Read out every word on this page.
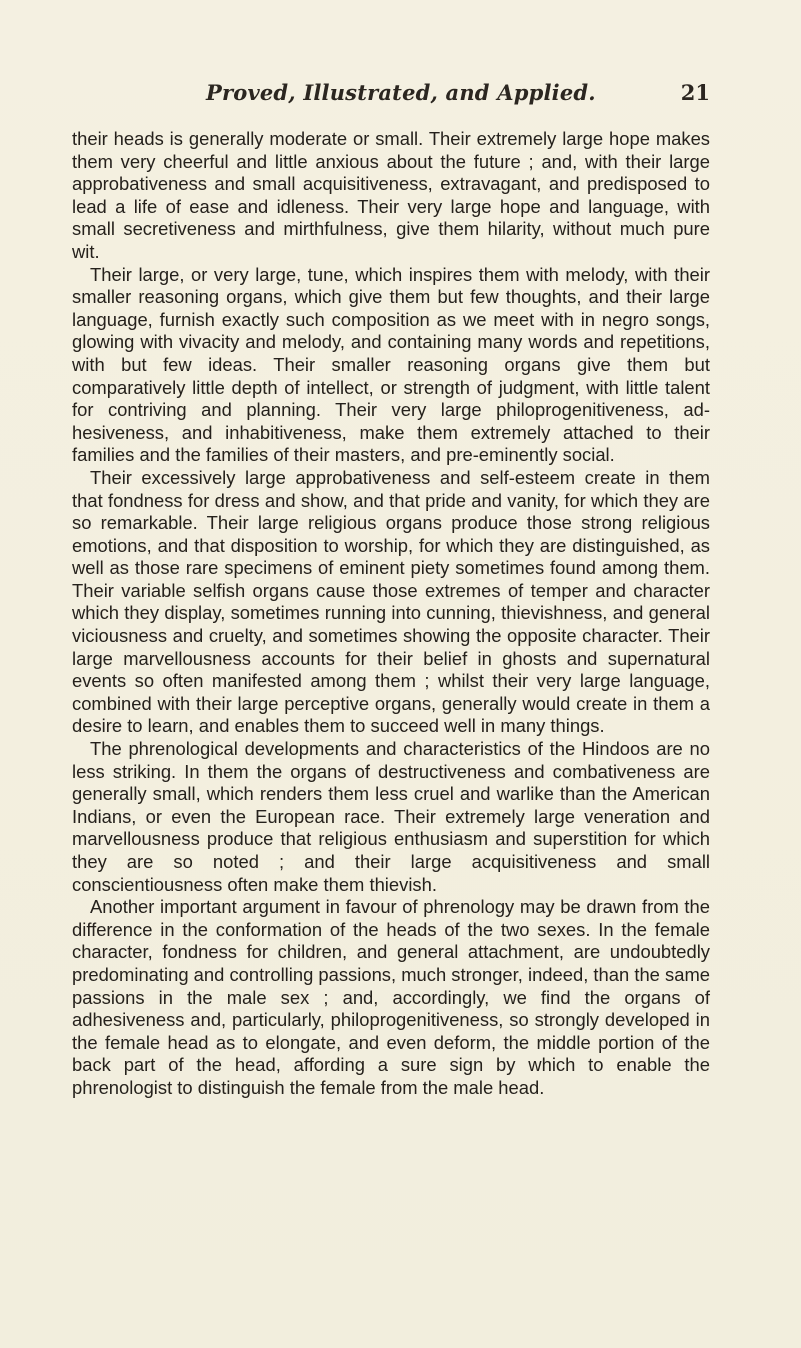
Proved, Illustrated, and Applied.	21

their heads is generally moderate or small. Their extremely large hope makes them very cheerful and little anxious about the future ; and, with their large approbativeness and small acquisitiveness, extravagant, and predisposed to lead a life of ease and idleness. Their very large hope and language, with small secretiveness and mirthfulness, give them hilarity, without much pure wit.

Their large, or very large, tune, which inspires them with melody, with their smaller reasoning organs, which give them but few thoughts, and their large language, furnish exactly such composition as we meet with in negro songs, glowing with vivacity and melody, and containing many words and repetitions, with but few ideas. Their smaller reasoning organs give them but comparatively little depth of intellect, or strength of judgment, with little talent for contriving and planning. Their very large philoprogenitiveness, adhesiveness, and inhabitiveness, make them extremely attached to their families and the families of their masters, and pre-eminently social.

Their excessively large approbativeness and self-esteem create in them that fondness for dress and show, and that pride and vanity, for which they are so remarkable. Their large religious organs produce those strong religious emotions, and that disposition to worship, for which they are distinguished, as well as those rare specimens of eminent piety sometimes found among them. Their variable selfish organs cause those extremes of temper and character which they display, sometimes running into cunning, thievishness, and general viciousness and cruelty, and sometimes showing the opposite character. Their large marvellousness accounts for their belief in ghosts and supernatural events so often manifested among them ; whilst their very large language, combined with their large perceptive organs, generally would create in them a desire to learn, and enables them to succeed well in many things.

The phrenological developments and characteristics of the Hindoos are no less striking. In them the organs of destructiveness and combativeness are generally small, which renders them less cruel and warlike than the American Indians, or even the European race. Their extremely large veneration and marvellousness produce that religious enthusiasm and superstition for which they are so noted ; and their large acquisitiveness and small conscientiousness often make them thievish.

Another important argument in favour of phrenology may be drawn from the difference in the conformation of the heads of the two sexes. In the female character, fondness for children, and general attachment, are undoubtedly predominating and controlling passions, much stronger, indeed, than the same passions in the male sex ; and, accordingly, we find the organs of adhesiveness and, particularly, philoprogenitiveness, so strongly developed in the female head as to elongate, and even deform, the middle portion of the back part of the head, affording a sure sign by which to enable the phrenologist to distinguish the female from the male head.
